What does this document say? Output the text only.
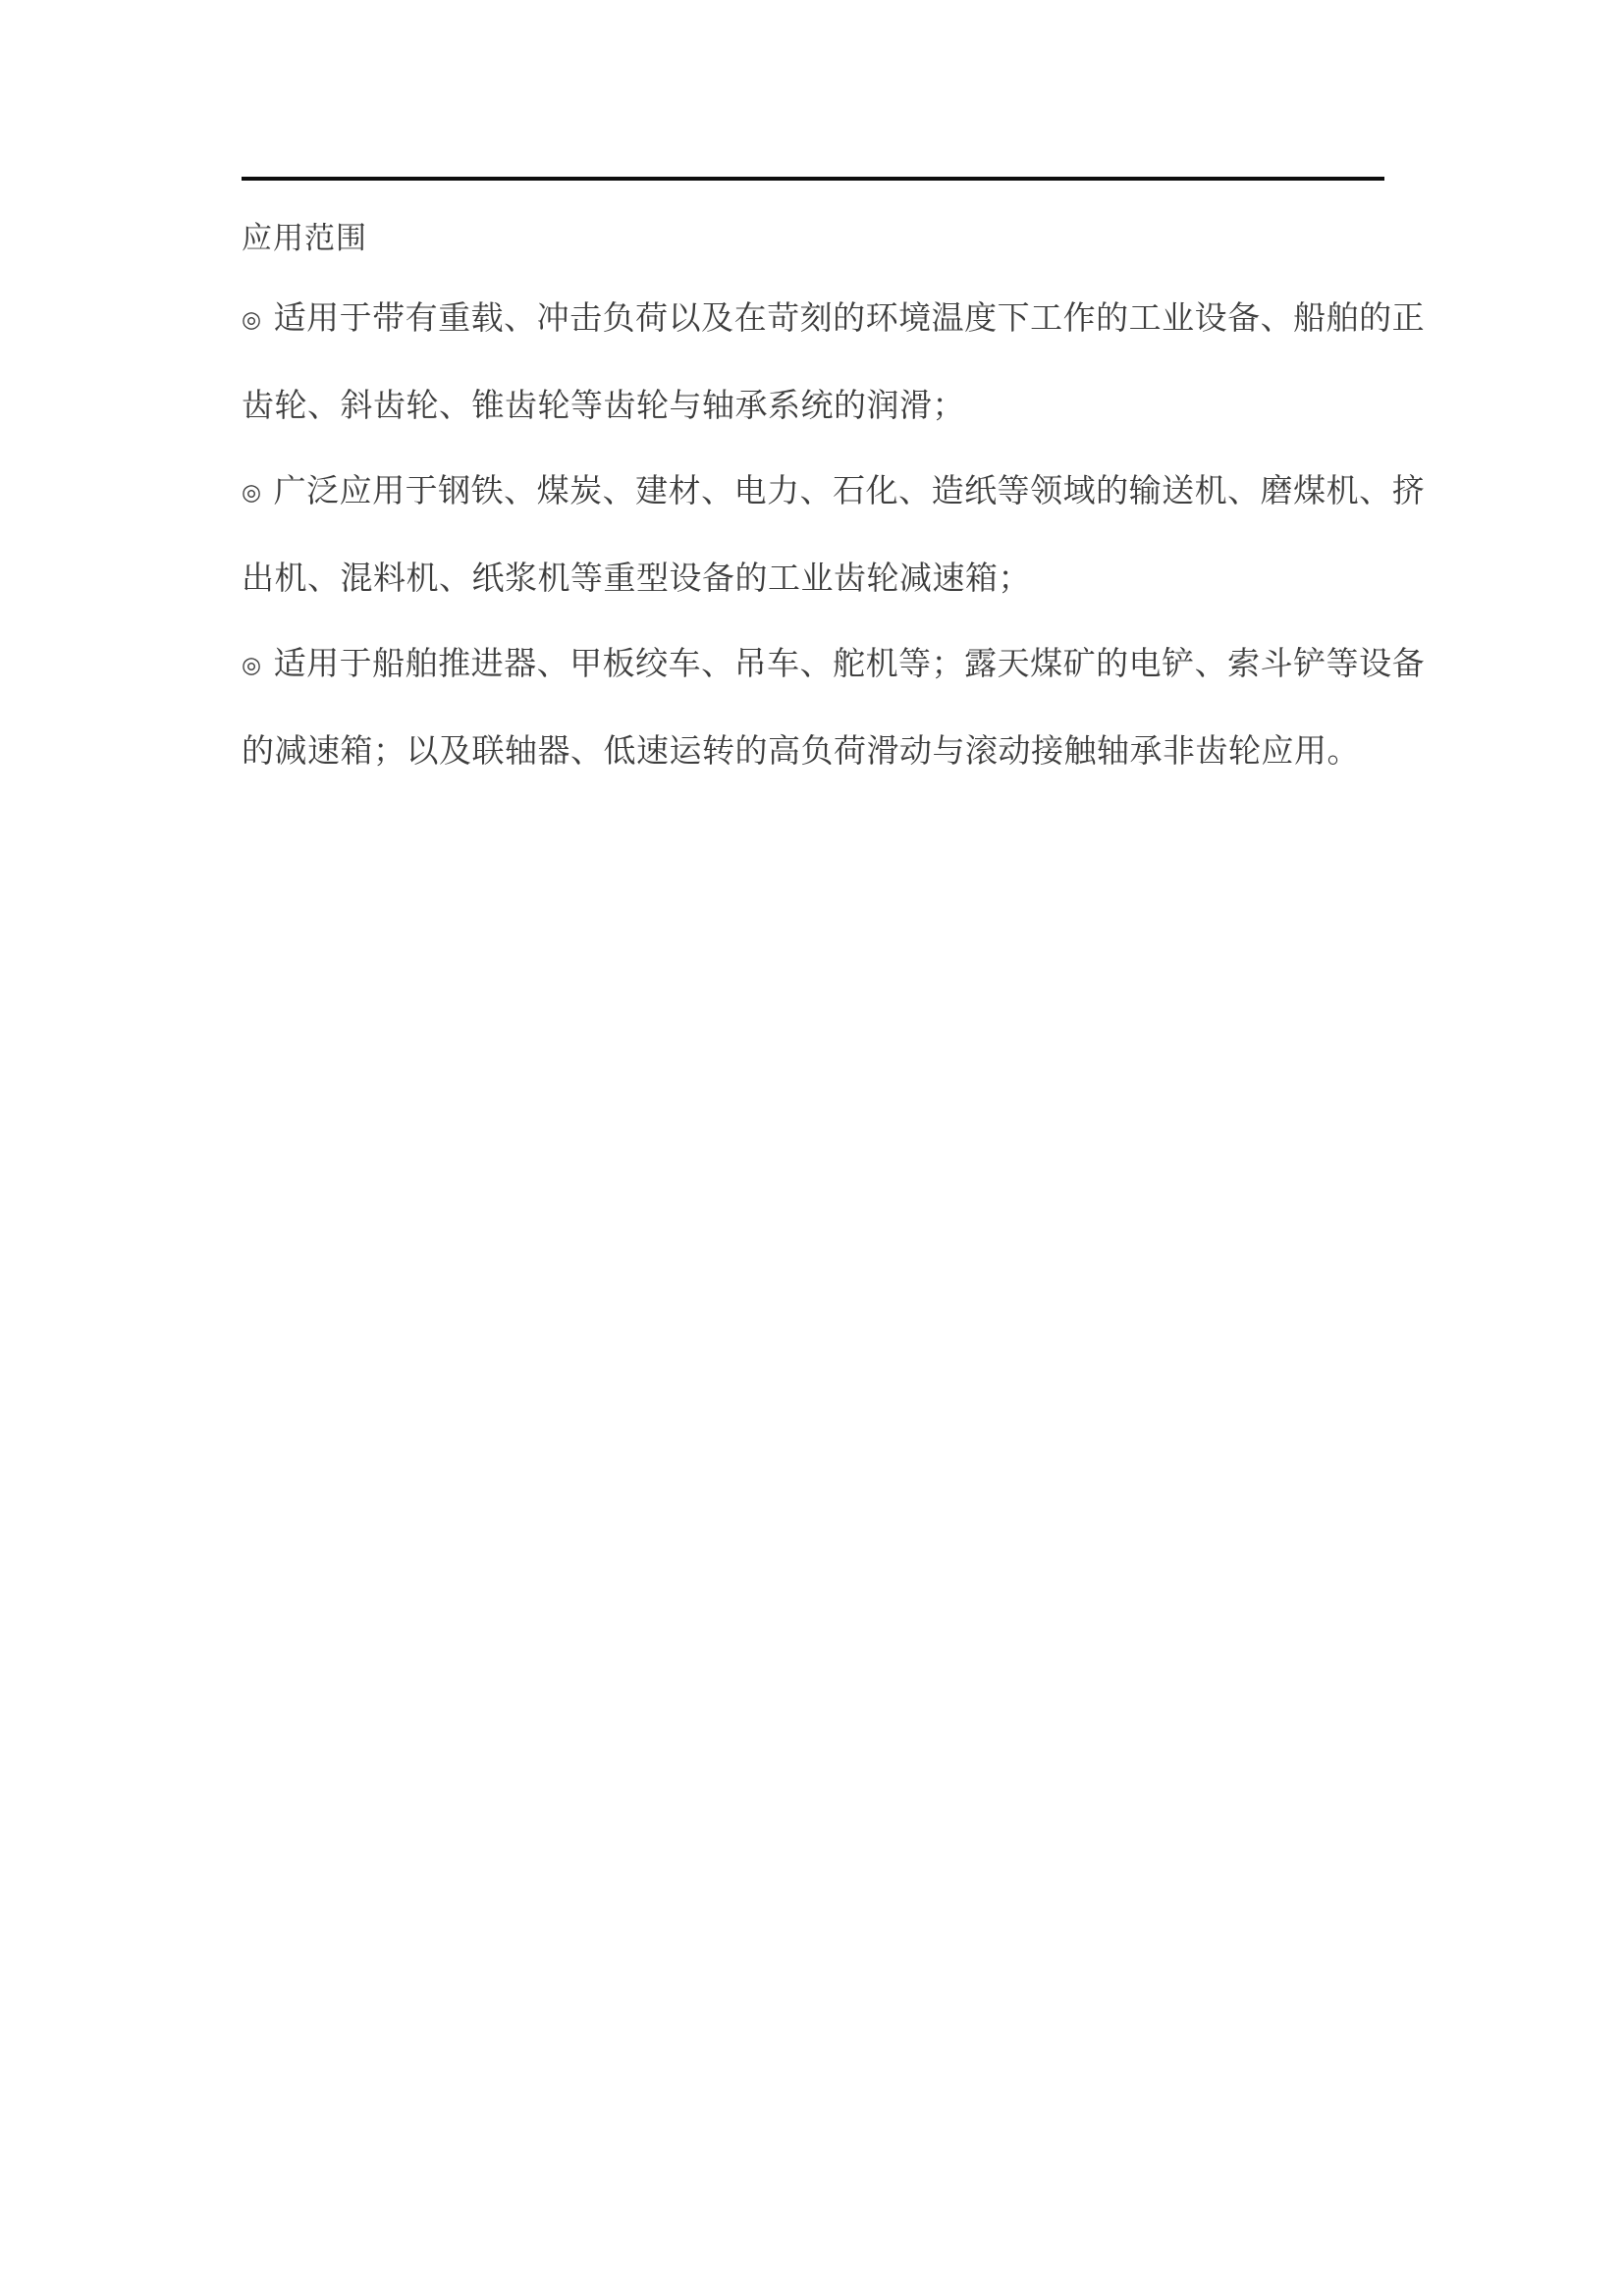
应用范围
◎ 适用于带有重载、冲击负荷以及在苛刻的环境温度下工作的工业设备、船舶的正
齿轮、斜齿轮、锥齿轮等齿轮与轴承系统的润滑；
◎ 广泛应用于钢铁、煤炭、建材、电力、石化、造纸等领域的输送机、磨煤机、挤
出机、混料机、纸浆机等重型设备的工业齿轮减速箱；
◎ 适用于船舶推进器、甲板绞车、吊车、舵机等；露天煤矿的电铲、索斗铲等设备
的减速箱；以及联轴器、低速运转的高负荷滑动与滚动接触轴承非齿轮应用。
